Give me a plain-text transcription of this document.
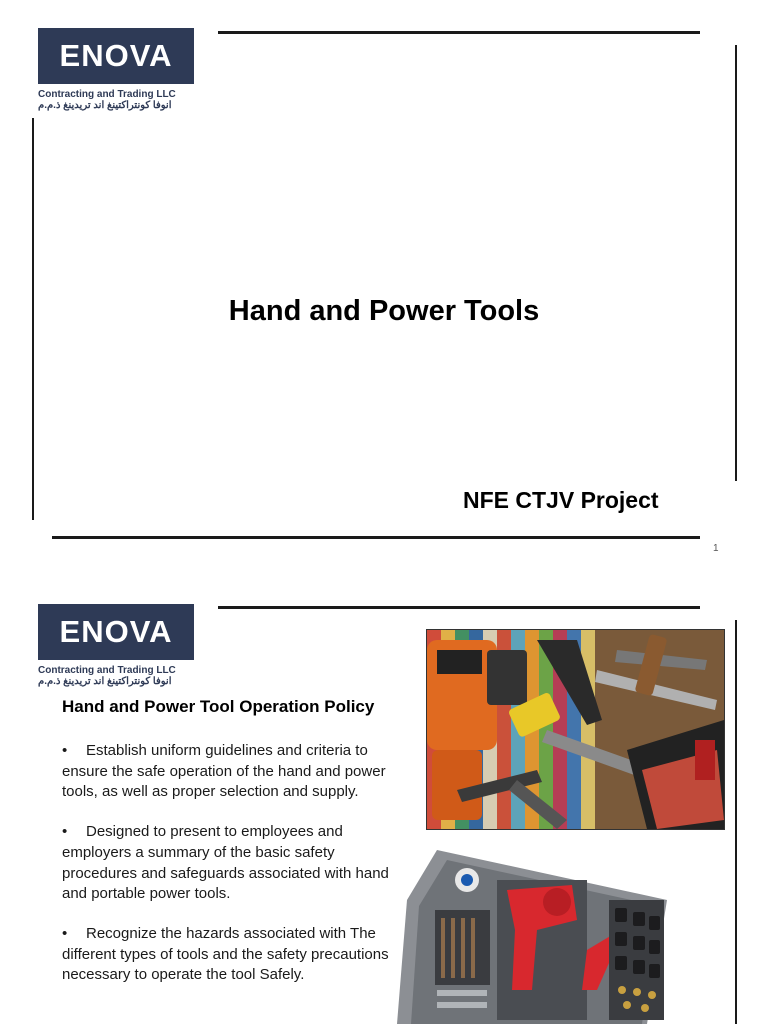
ENOVA
Contracting and Trading LLC
انوفا كونتراكتينغ اند تريدينغ ذ.م.م
Hand and Power Tools
NFE CTJV Project
1
ENOVA
Contracting and Trading LLC
انوفا كونتراكتينغ اند تريدينغ ذ.م.م
Hand and Power Tool Operation Policy
• Establish uniform guidelines and criteria to ensure the safe operation of the hand and power tools, as well as proper selection and supply.
• Designed to present to employees and employers a summary of the basic safety procedures and safeguards associated with hand and portable power tools.
• Recognize the hazards associated with The different types of tools and the safety precautions necessary to operate the tool Safely.
